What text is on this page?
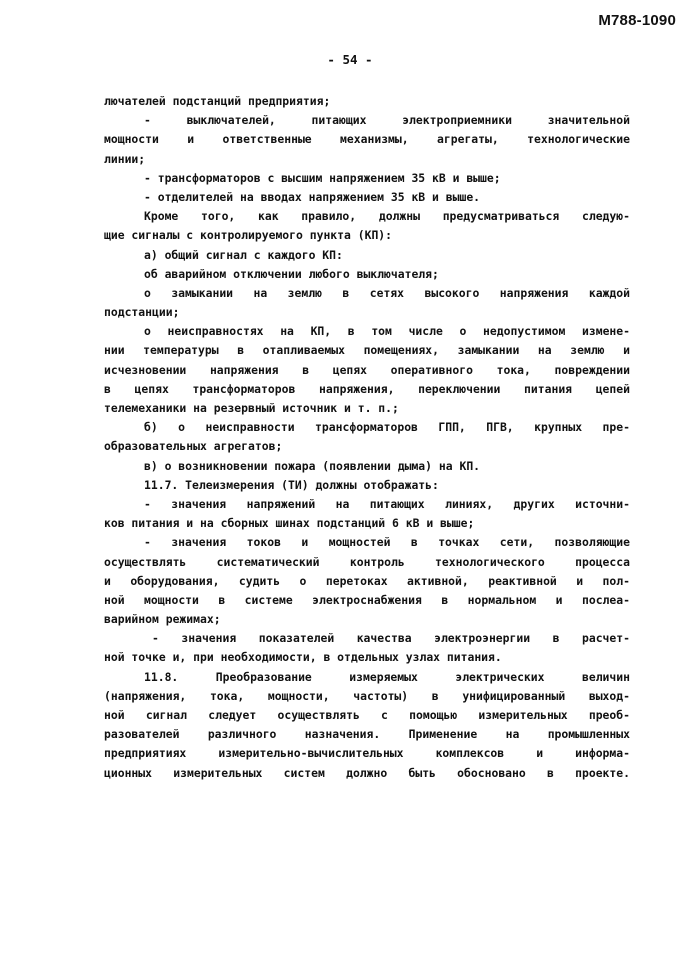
М788-1090
- 54 -
лючателей подстанций предприятия;
- выключателей, питающих электроприемники значительной
мощности и ответственные механизмы, агрегаты, технологические
линии;
- трансформаторов с высшим напряжением 35 кВ и выше;
- отделителей на вводах напряжением 35 кВ и выше.
Кроме того, как правило, должны предусматриваться следую-
щие сигналы с контролируемого пункта (КП):
а) общий сигнал с каждого КП:
об аварийном отключении любого выключателя;
о замыкании на землю в сетях высокого напряжения каждой
подстанции;
о неисправностях на КП, в том числе о недопустимом измене-
нии температуры в отапливаемых помещениях, замыкании на землю и
исчезновении напряжения в цепях оперативного тока, повреждении
в цепях трансформаторов напряжения, переключении питания цепей
телемеханики на резервный источник и т. п.;
б) о неисправности трансформаторов ГПП, ПГВ, крупных пре-
образовательных агрегатов;
в) о возникновении пожара (появлении дыма) на КП.
11.7. Телеизмерения (ТИ) должны отображать:
- значения напряжений на питающих линиях, других источни-
ков питания и на сборных шинах подстанций 6 кВ и выше;
- значения токов и мощностей в точках сети, позволяющие
осуществлять систематический контроль технологического процесса
и оборудования, судить о перетоках активной, реактивной и пол-
ной мощности в системе электроснабжения в нормальном и послеа-
варийном режимах;
- значения показателей качества электроэнергии в расчет-
ной точке и, при необходимости, в отдельных узлах питания.
11.8. Преобразование измеряемых электрических величин
(напряжения, тока, мощности, частоты) в унифицированный выход-
ной сигнал следует осуществлять с помощью измерительных преоб-
разователей различного назначения. Применение на промышленных
предприятиях измерительно-вычислительных комплексов и информа-
ционных измерительных систем должно быть обосновано в проекте.
